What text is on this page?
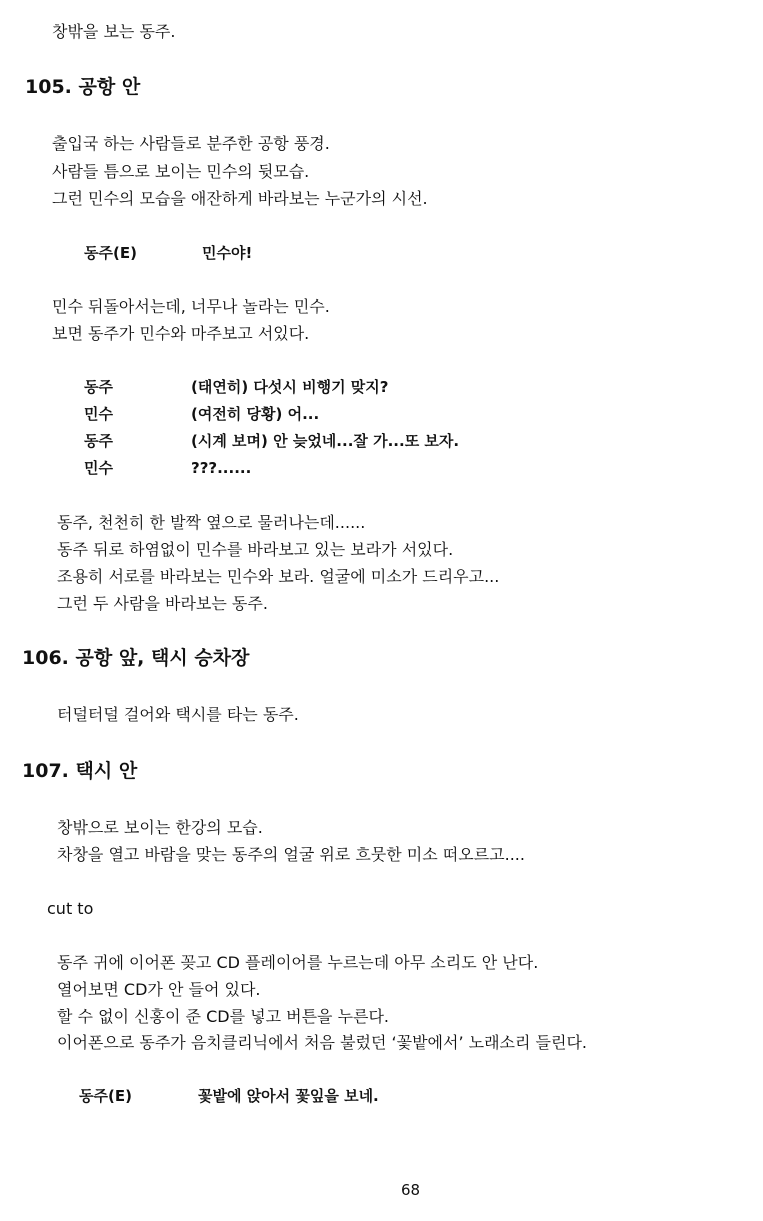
창밖을 보는 동주.
105. 공항 안
출입국 하는 사람들로 분주한 공항 풍경.
사람들 틈으로 보이는 민수의 뒷모습.
그런 민수의 모습을 애잔하게 바라보는 누군가의 시선.
동주(E)	민수야!
민수 뒤돌아서는데, 너무나 놀라는 민수.
보면 동주가 민수와 마주보고 서있다.
동주	(태연히) 다섯시 비행기 맞지?
민수	(여전히 당황) 어...
동주	(시계 보며) 안 늦었네...잘 가...또 보자.
민수	???......
동주, 천천히 한 발짝 옆으로 물러나는데......
동주 뒤로 하염없이 민수를 바라보고 있는 보라가 서있다.
조용히 서로를 바라보는 민수와 보라. 얼굴에 미소가 드리우고...
그런 두 사람을 바라보는 동주.
106. 공항 앞, 택시 승차장
터덜터덜 걸어와 택시를 타는 동주.
107. 택시 안
창밖으로 보이는 한강의 모습.
차창을 열고 바람을 맞는 동주의 얼굴 위로 흐뭇한 미소 떠오르고....
cut to
동주 귀에 이어폰 꽂고 CD 플레이어를 누르는데 아무 소리도 안 난다.
열어보면 CD가 안 들어 있다.
할 수 없이 신홍이 준 CD를 넣고 버튼을 누른다.
이어폰으로 동주가 음치클리닉에서 처음 불렀던 ‘꽃밭에서’ 노래소리 들린다.
동주(E)	꽃밭에 앉아서 꽃잎을 보네.
68
